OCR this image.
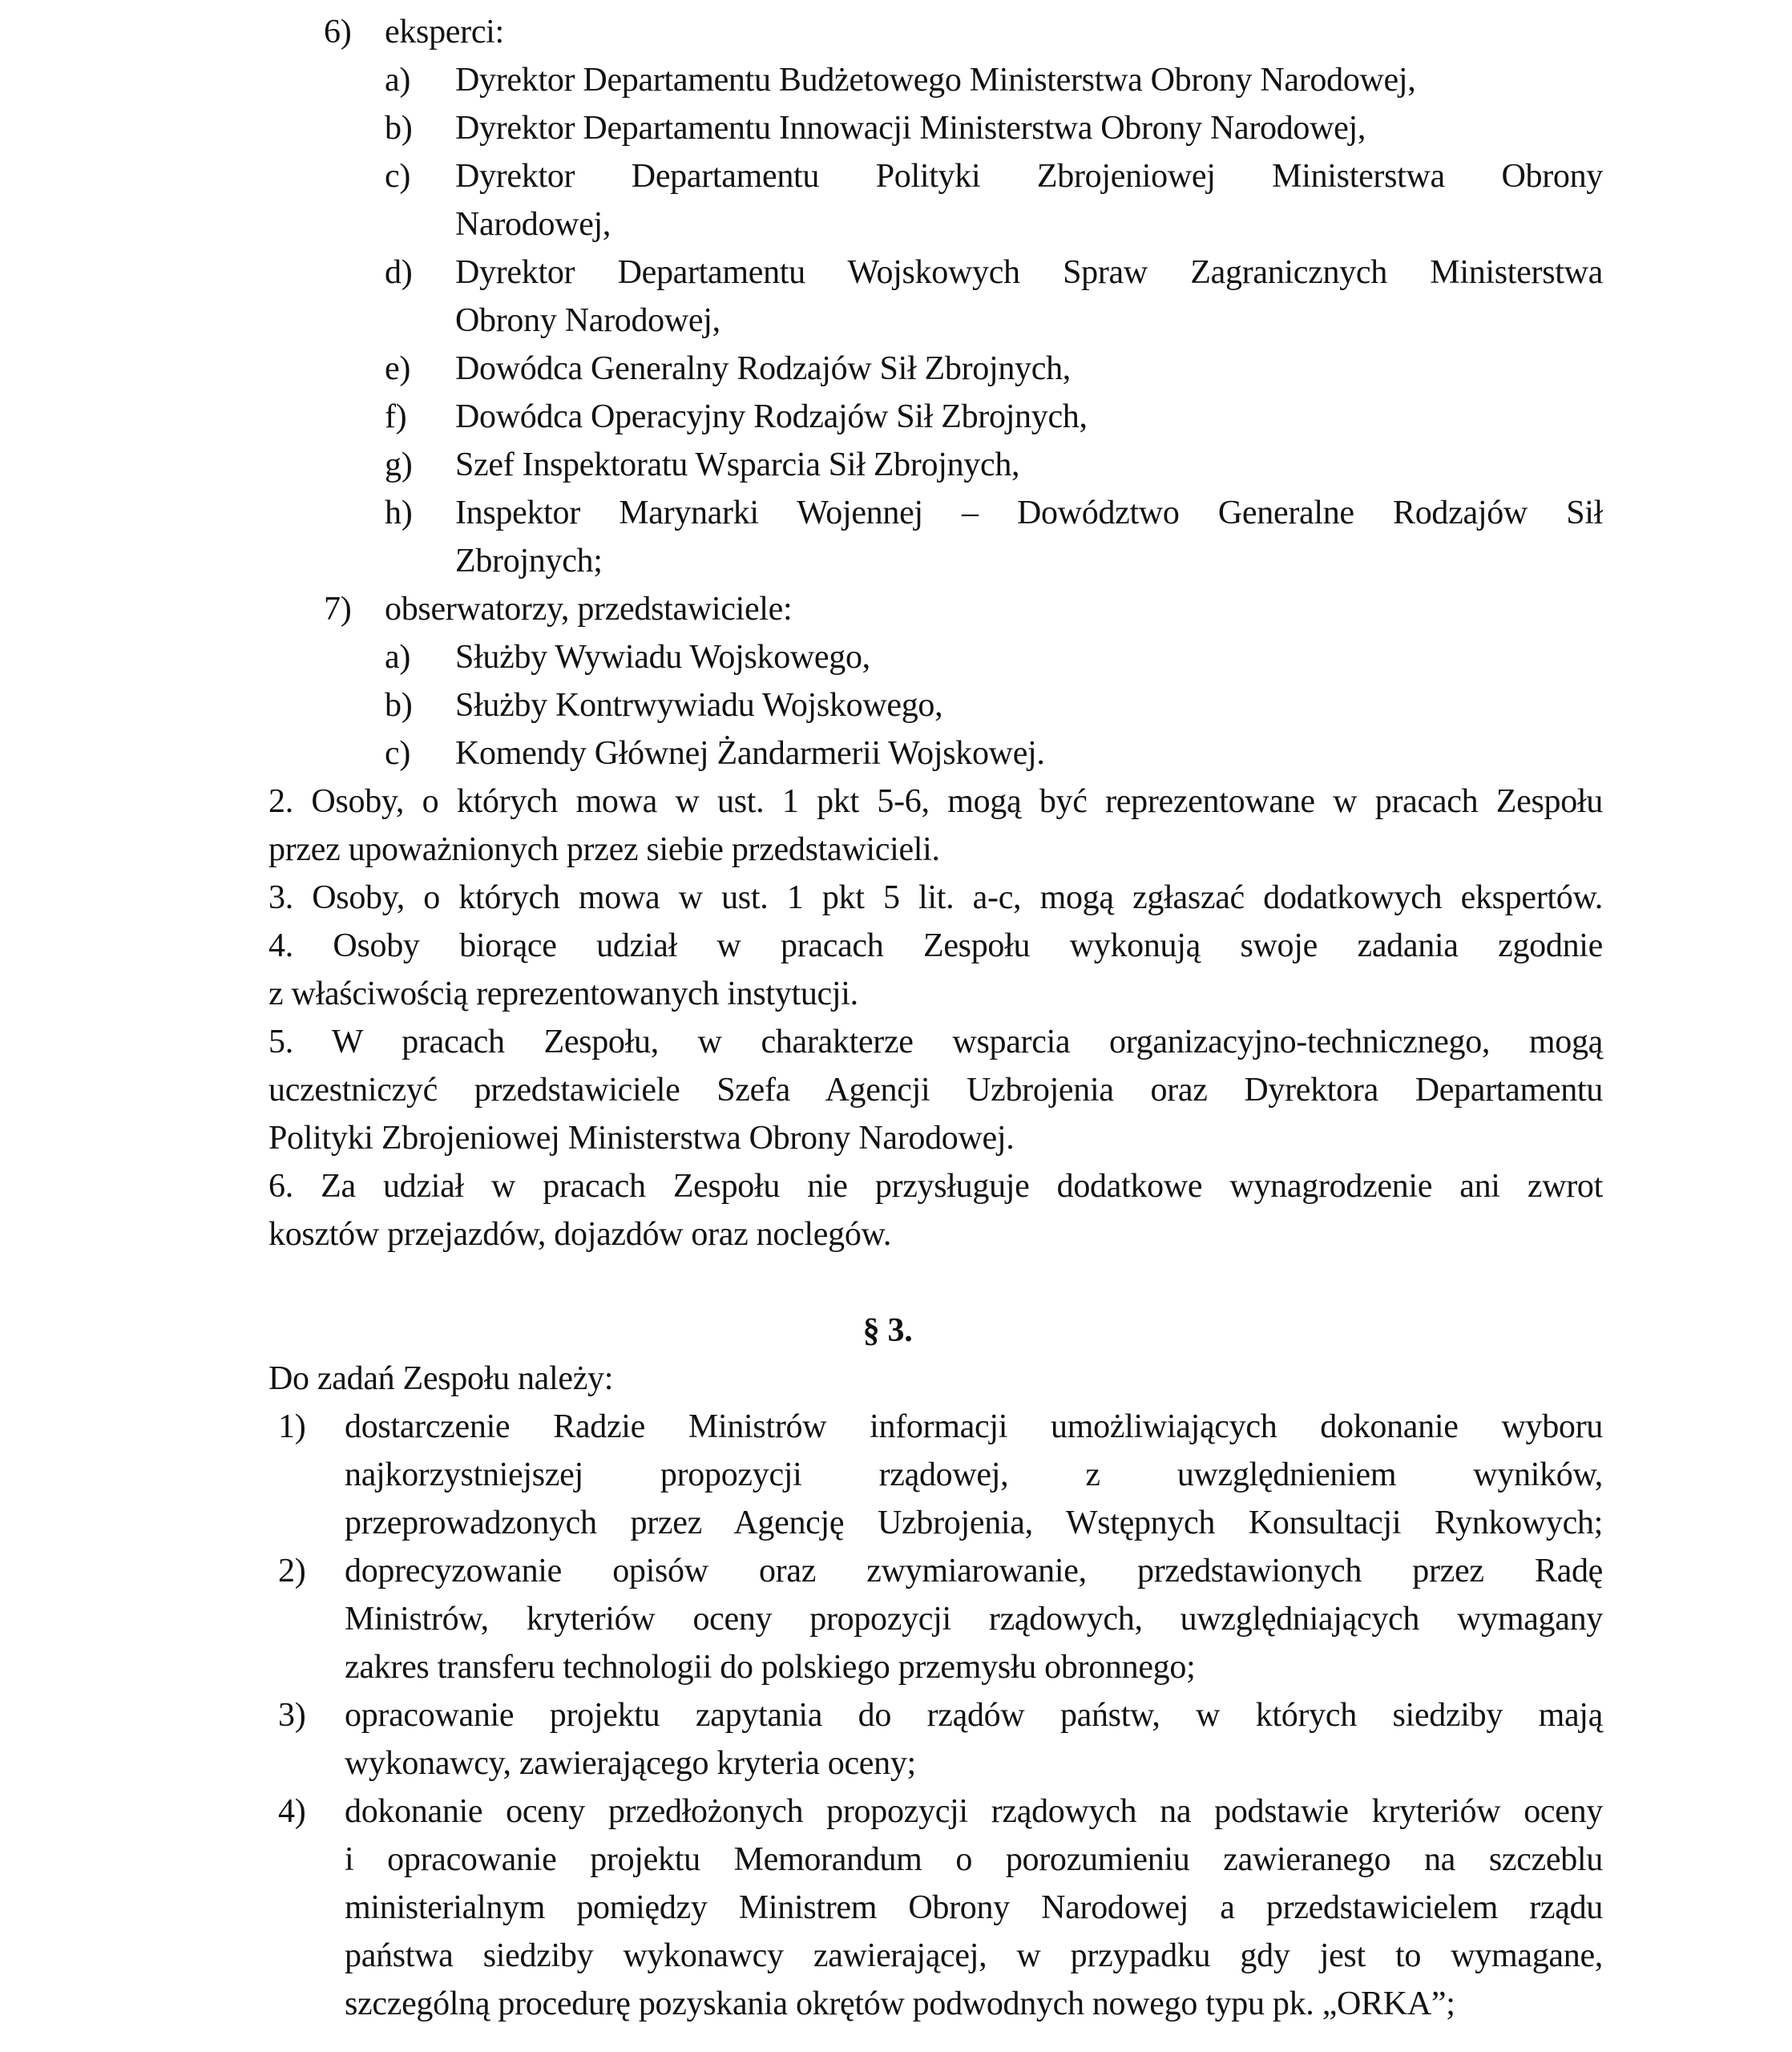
6) eksperci:
a)	Dyrektor Departamentu Budżetowego Ministerstwa Obrony Narodowej,
b)	Dyrektor Departamentu Innowacji Ministerstwa Obrony Narodowej,
c)	Dyrektor Departamentu Polityki Zbrojeniowej Ministerstwa Obrony
Narodowej,
d)	Dyrektor Departamentu Wojskowych Spraw Zagranicznych Ministerstwa
Obrony Narodowej,
e)	Dowódca Generalny Rodzajów Sił Zbrojnych,
f)	Dowódca Operacyjny Rodzajów Sił Zbrojnych,
g)	Szef Inspektoratu Wsparcia Sił Zbrojnych,
h)	Inspektor Marynarki Wojennej – Dowództwo Generalne Rodzajów Sił
Zbrojnych;
7) obserwatorzy, przedstawiciele:
a)	Służby Wywiadu Wojskowego,
b)	Służby Kontrwywiadu Wojskowego,
c)	Komendy Głównej Żandarmerii Wojskowej.
2. Osoby, o których mowa w ust. 1 pkt 5-6, mogą być reprezentowane w pracach Zespołu
przez upoważnionych przez siebie przedstawicieli.
3. Osoby, o których mowa w ust. 1 pkt 5 lit. a-c, mogą zgłaszać dodatkowych ekspertów.
4. Osoby biorące udział w pracach Zespołu wykonują swoje zadania zgodnie
z właściwością reprezentowanych instytucji.
5. W pracach Zespołu, w charakterze wsparcia organizacyjno-technicznego, mogą
uczestniczyć przedstawiciele Szefa Agencji Uzbrojenia oraz Dyrektora Departamentu
Polityki Zbrojeniowej Ministerstwa Obrony Narodowej.
6. Za udział w pracach Zespołu nie przysługuje dodatkowe wynagrodzenie ani zwrot
kosztów przejazdów, dojazdów oraz noclegów.
§ 3.
Do zadań Zespołu należy:
1)	dostarczenie Radzie Ministrów informacji umożliwiających dokonanie wyboru
najkorzystniejszej propozycji rządowej, z uwzględnieniem wyników,
przeprowadzonych przez Agencję Uzbrojenia, Wstępnych Konsultacji Rynkowych;
2)	doprecyzowanie opisów oraz zwymiarowanie, przedstawionych przez Radę
Ministrów, kryteriów oceny propozycji rządowych, uwzględniających wymagany
zakres transferu technologii do polskiego przemysłu obronnego;
3)	opracowanie projektu zapytania do rządów państw, w których siedziby mają
wykonawcy, zawierającego kryteria oceny;
4)	dokonanie oceny przedłożonych propozycji rządowych na podstawie kryteriów oceny
i opracowanie projektu Memorandum o porozumieniu zawieranego na szczeblu
ministerialnym pomiędzy Ministrem Obrony Narodowej a przedstawicielem rządu
państwa siedziby wykonawcy zawierającej, w przypadku gdy jest to wymagane,
szczególną procedurę pozyskania okrętów podwodnych nowego typu pk. „ORKA”;
